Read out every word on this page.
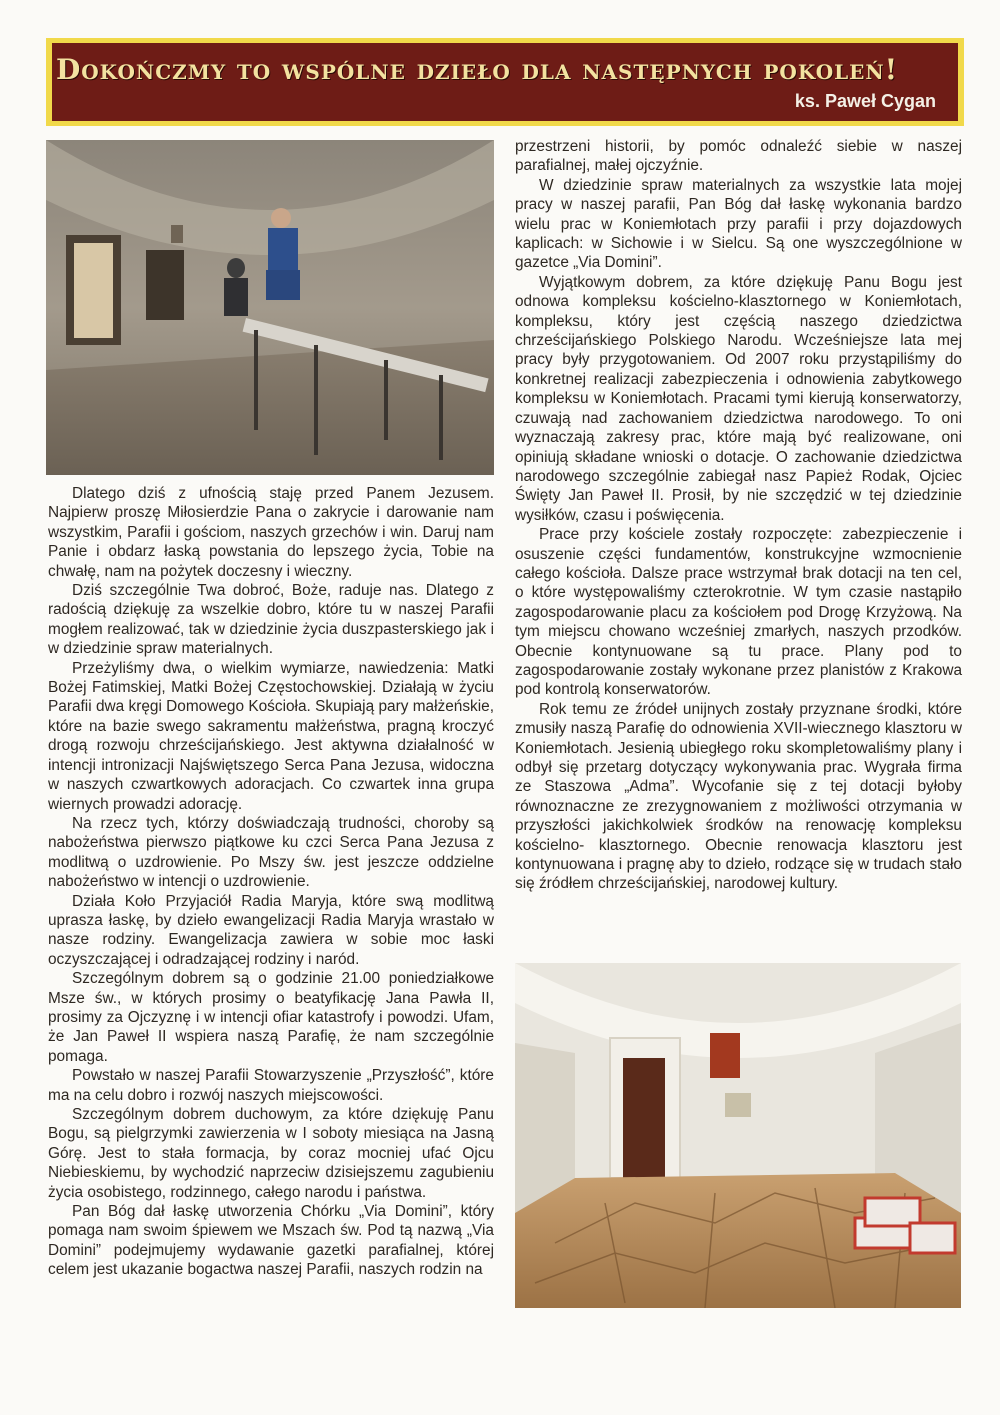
Dokończmy to wspólne dzieło dla następnych pokoleń!
ks. Paweł Cygan

Dlatego dziś z ufnością staję przed Panem Jezusem. Najpierw proszę Miłosierdzie Pana o zakrycie i darowanie nam wszystkim, Parafii i gościom, naszych grzechów i win. Daruj nam Panie i obdarz łaską powstania do lepszego życia, Tobie na chwałę, nam na pożytek doczesny i wieczny.

Dziś szczególnie Twa dobroć, Boże, raduje nas. Dlatego z radością dziękuję za wszelkie dobro, które tu w naszej Parafii mogłem realizować, tak w dziedzinie życia duszpasterskiego jak i w dziedzinie spraw materialnych.

Przeżyliśmy dwa, o wielkim wymiarze, nawiedzenia: Matki Bożej Fatimskiej, Matki Bożej Częstochowskiej. Działają w życiu Parafii dwa kręgi Domowego Kościoła. Skupiają pary małżeńskie, które na bazie swego sakramentu małżeństwa, pragną kroczyć drogą rozwoju chrześcijańskiego. Jest aktywna działalność w intencji intronizacji Najświętszego Serca Pana Jezusa, widoczna w naszych czwartkowych adoracjach. Co czwartek inna grupa wiernych prowadzi adorację.

Na rzecz tych, którzy doświadczają trudności, choroby są nabożeństwa pierwszo piątkowe ku czci Serca Pana Jezusa z modlitwą o uzdrowienie. Po Mszy św. jest jeszcze oddzielne nabożeństwo w intencji o uzdrowienie.

Działa Koło Przyjaciół Radia Maryja, które swą modlitwą uprasza łaskę, by dzieło ewangelizacji Radia Maryja wrastało w nasze rodziny. Ewangelizacja zawiera w sobie moc łaski oczyszczającej i odradzającej rodziny i naród.

Szczególnym dobrem są o godzinie 21.00 poniedziałkowe Msze św., w których prosimy o beatyfikację Jana Pawła II, prosimy za Ojczyznę i w intencji ofiar katastrofy i powodzi. Ufam, że Jan Paweł II wspiera naszą Parafię, że nam szczególnie pomaga.

Powstało w naszej Parafii Stowarzyszenie „Przyszłość”, które ma na celu dobro i rozwój naszych miejscowości.

Szczególnym dobrem duchowym, za które dziękuję Panu Bogu, są pielgrzymki zawierzenia w I soboty miesiąca na Jasną Górę. Jest to stała formacja, by coraz mocniej ufać Ojcu Niebieskiemu, by wychodzić naprzeciw dzisiejszemu zagubieniu życia osobistego, rodzinnego, całego narodu i państwa.

Pan Bóg dał łaskę utworzenia Chórku „Via Domini”, który pomaga nam swoim śpiewem we Mszach św. Pod tą nazwą „Via Domini” podejmujemy wydawanie gazetki parafialnej, której celem jest ukazanie bogactwa naszej Parafii, naszych rodzin na

przestrzeni historii, by pomóc odnaleźć siebie w naszej parafialnej, małej ojczyźnie.

W dziedzinie spraw materialnych za wszystkie lata mojej pracy w naszej parafii, Pan Bóg dał łaskę wykonania bardzo wielu prac w Koniemłotach przy parafii i przy dojazdowych kaplicach: w Sichowie i w Sielcu. Są one wyszczególnione w gazetce „Via Domini”.

Wyjątkowym dobrem, za które dziękuję Panu Bogu jest odnowa kompleksu kościelno-klasztornego w Koniemłotach, kompleksu, który jest częścią naszego dziedzictwa chrześcijańskiego Polskiego Narodu. Wcześniejsze lata mej pracy były przygotowaniem. Od 2007 roku przystąpiliśmy do konkretnej realizacji zabezpieczenia i odnowienia zabytkowego kompleksu w Koniemłotach. Pracami tymi kierują konserwatorzy, czuwają nad zachowaniem dziedzictwa narodowego. To oni wyznaczają zakresy prac, które mają być realizowane, oni opiniują składane wnioski o dotacje. O zachowanie dziedzictwa narodowego szczególnie zabiegał nasz Papież Rodak, Ojciec Święty Jan Paweł II. Prosił, by nie szczędzić w tej dziedzinie wysiłków, czasu i poświęcenia.

Prace przy kościele zostały rozpoczęte: zabezpieczenie i osuszenie części fundamentów, konstrukcyjne wzmocnienie całego kościoła. Dalsze prace wstrzymał brak dotacji na ten cel, o które występowaliśmy czterokrotnie. W tym czasie nastąpiło zagospodarowanie placu za kościołem pod Drogę Krzyżową. Na tym miejscu chowano wcześniej zmarłych, naszych przodków. Obecnie kontynuowane są tu prace. Plany pod to zagospodarowanie zostały wykonane przez planistów z Krakowa pod kontrolą konserwatorów.

Rok temu ze źródeł unijnych zostały przyznane środki, które zmusiły naszą Parafię do odnowienia XVII-wiecznego klasztoru w Koniemłotach. Jesienią ubiegłego roku skompletowaliśmy plany i odbył się przetarg dotyczący wykonywania prac. Wygrała firma ze Staszowa „Adma”. Wycofanie się z tej dotacji byłoby równoznaczne ze zrezygnowaniem z możliwości otrzymania w przyszłości jakichkolwiek środków na renowację kompleksu kościelno- klasztornego. Obecnie renowacja klasztoru jest kontynuowana i pragnę aby to dzieło, rodzące się w trudach stało się źródłem chrześcijańskiej, narodowej kultury.
